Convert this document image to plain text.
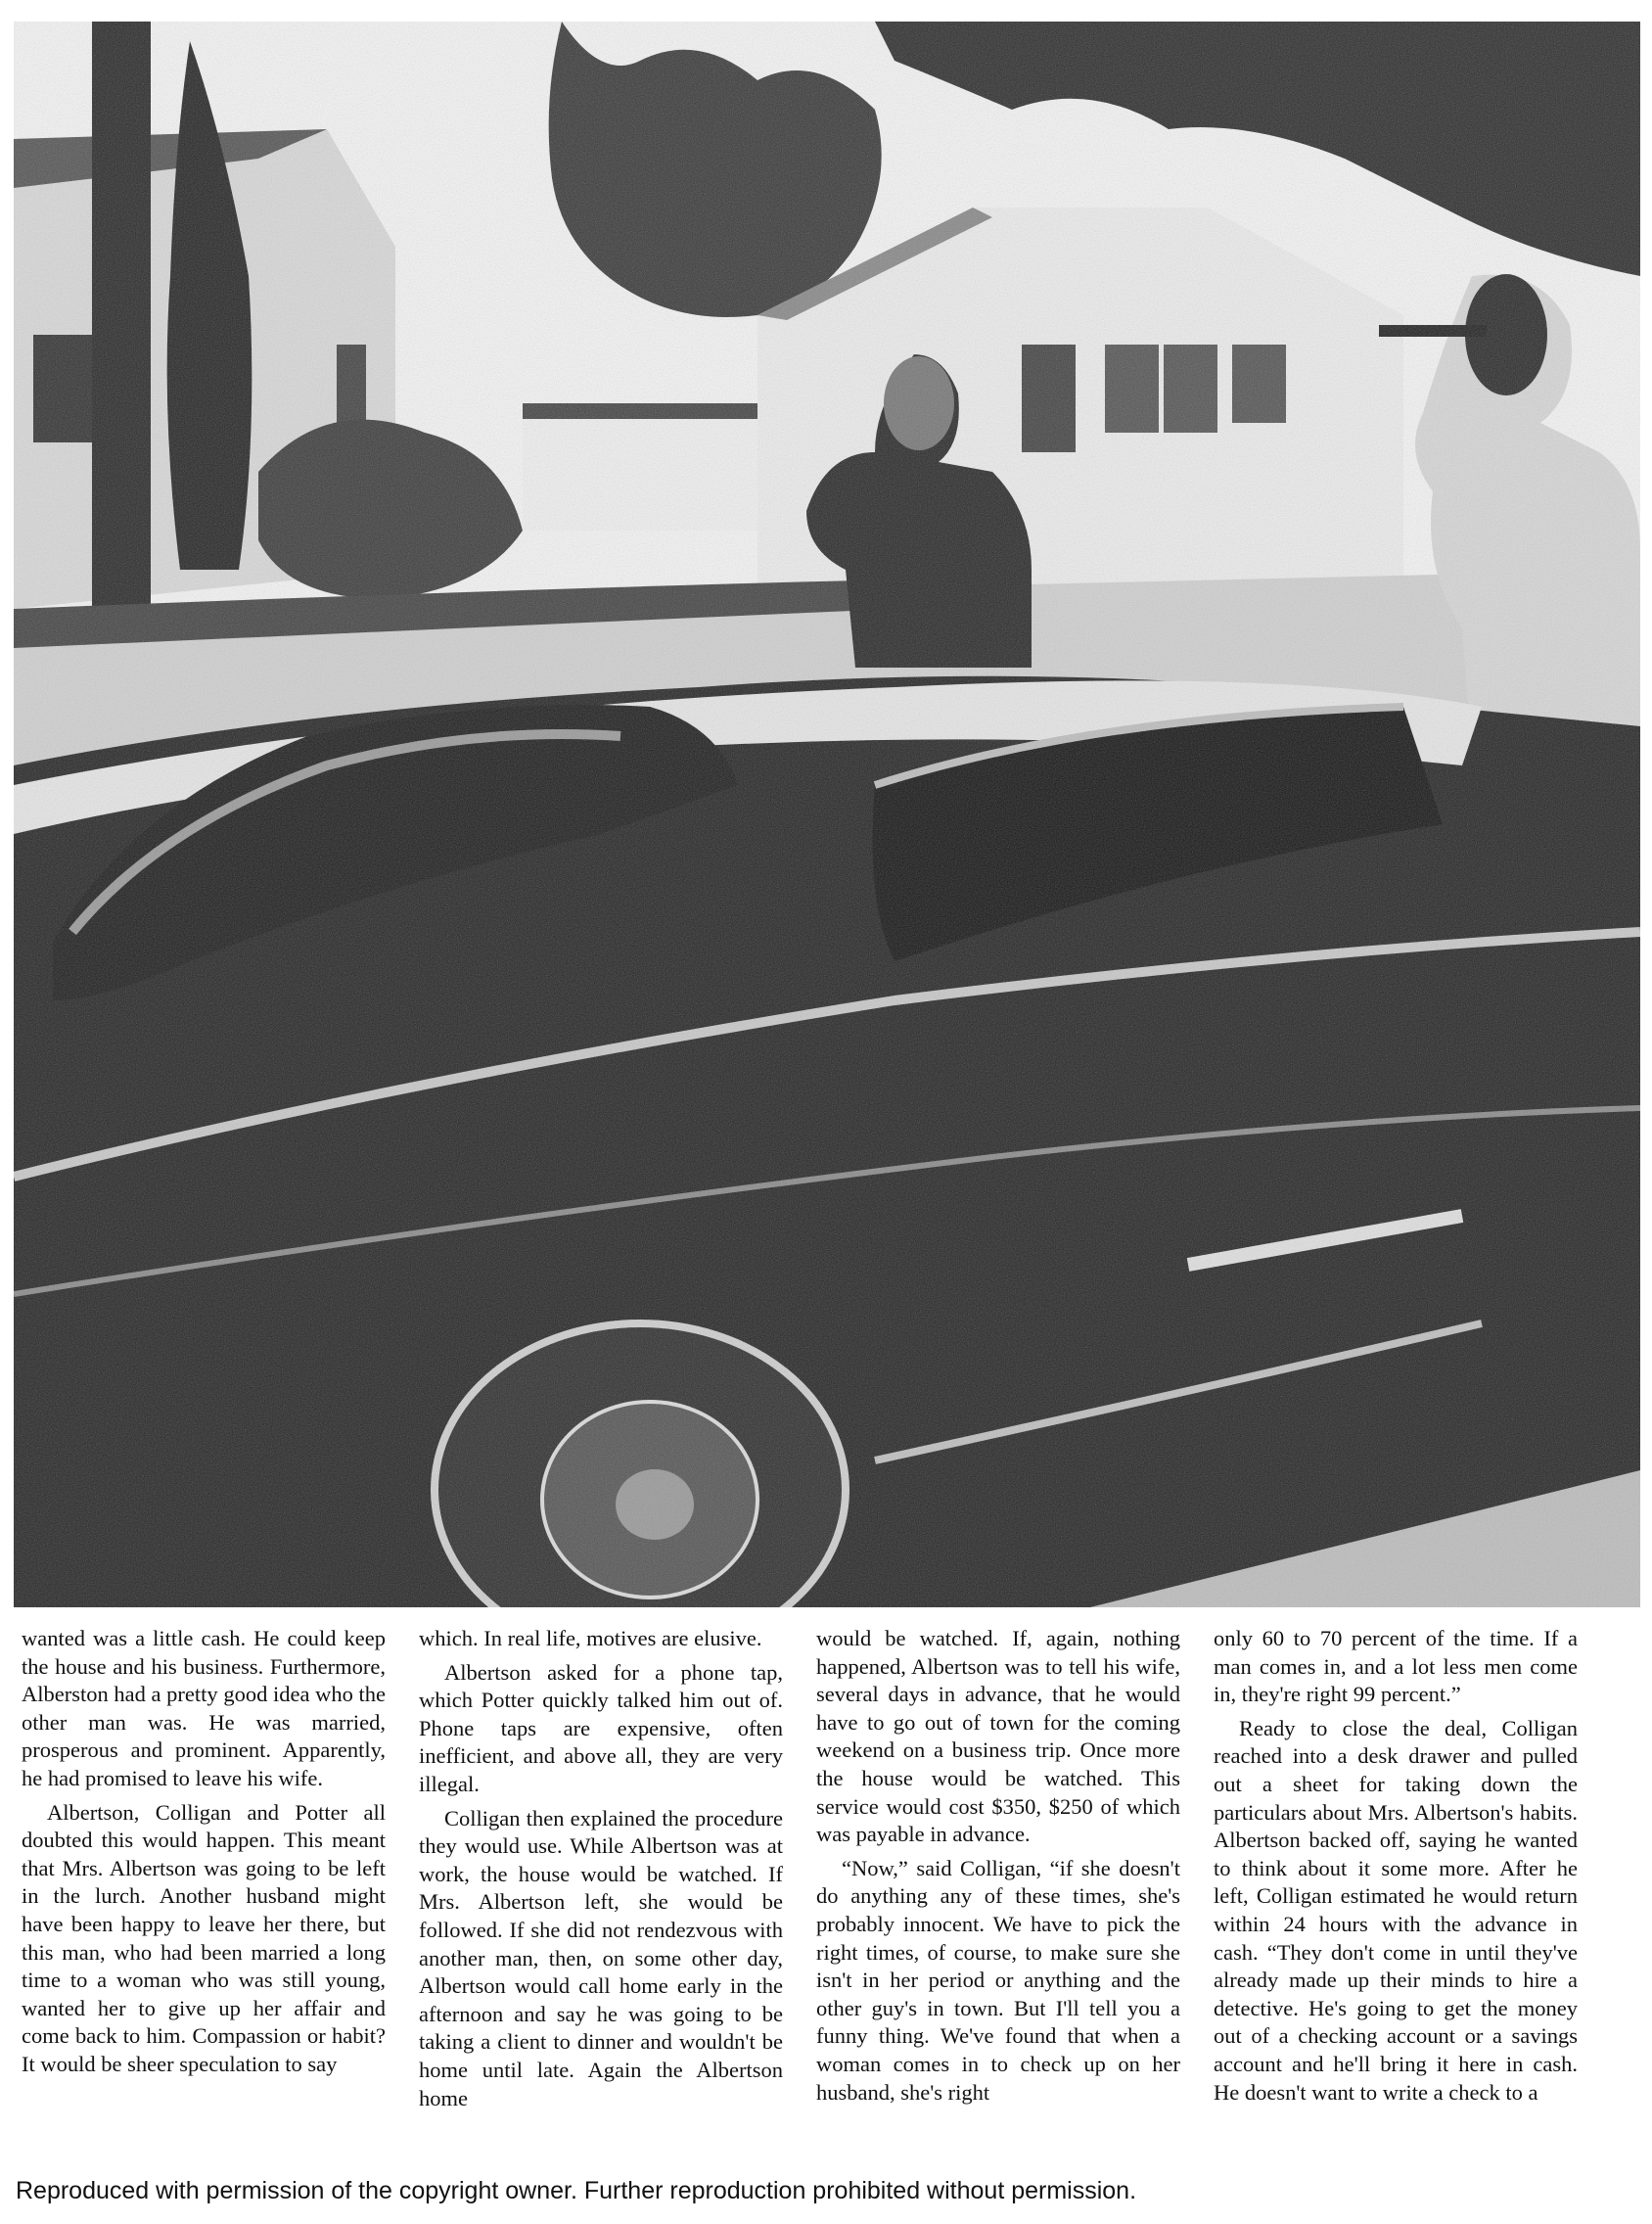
wanted was a little cash. He could keep the house and his business. Furthermore, Alberston had a pretty good idea who the other man was. He was married, prosperous and prominent. Apparently, he had promised to leave his wife.

Albertson, Colligan and Potter all doubted this would happen. This meant that Mrs. Albertson was going to be left in the lurch. Another husband might have been happy to leave her there, but this man, who had been married a long time to a woman who was still young, wanted her to give up her affair and come back to him. Compassion or habit? It would be sheer speculation to say

which. In real life, motives are elusive.

Albertson asked for a phone tap, which Potter quickly talked him out of. Phone taps are expensive, often inefficient, and above all, they are very illegal.

Colligan then explained the procedure they would use. While Albertson was at work, the house would be watched. If Mrs. Albertson left, she would be followed. If she did not rendezvous with another man, then, on some other day, Albertson would call home early in the afternoon and say he was going to be taking a client to dinner and wouldn't be home until late. Again the Albertson home

would be watched. If, again, nothing happened, Albertson was to tell his wife, several days in advance, that he would have to go out of town for the coming weekend on a business trip. Once more the house would be watched. This service would cost $350, $250 of which was payable in advance.

“Now,” said Colligan, “if she doesn't do anything any of these times, she's probably innocent. We have to pick the right times, of course, to make sure she isn't in her period or anything and the other guy's in town. But I'll tell you a funny thing. We've found that when a woman comes in to check up on her husband, she's right

only 60 to 70 percent of the time. If a man comes in, and a lot less men come in, they're right 99 percent.”

Ready to close the deal, Colligan reached into a desk drawer and pulled out a sheet for taking down the particulars about Mrs. Albertson's habits. Albertson backed off, saying he wanted to think about it some more. After he left, Colligan estimated he would return within 24 hours with the advance in cash. “They don't come in until they've already made up their minds to hire a detective. He's going to get the money out of a checking account or a savings account and he'll bring it here in cash. He doesn't want to write a check to a

Reproduced with permission of the copyright owner. Further reproduction prohibited without permission.
